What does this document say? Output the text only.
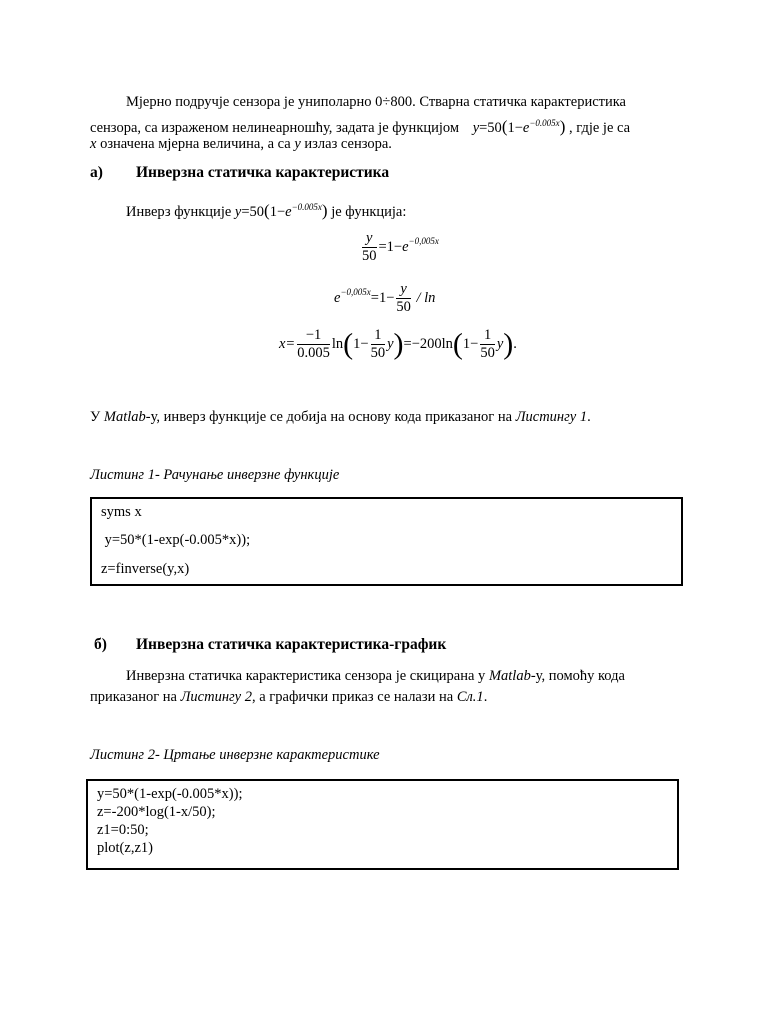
Мјерно подручје сензора је униполарно 0÷800. Стварна статичка карактеристика
сензора, са израженом нелинеарношћу, задата је функцијом $y=50(1-e^{-0.005x})$ , гдје је са
x означена мјерна величина, а са y излаз сензора.
а) Инверзна статичка карактеристика
Инверз функције $y=50(1-e^{-0.005x})$ је функција:
$\frac{y}{50} =1-e^{-0,005x}$
$e^{-0,005x}=1- \frac{y}{50} / \ln$
$x= \frac{-1}{0.005} \ln(1- \frac{1}{50} y)=-200\ln(1- \frac{1}{50} y)$.
У Matlab-у, инверз функције се добија на основу кода приказаног на Листингу 1.
Листинг 1- Рачунање инверзне функције
syms x
y=50*(1-exp(-0.005*x));
z=finverse(y,x)
б) Инверзна статичка карактеристика-график
Инверзна статичка карактеристика сензора је скицирана у Matlab-у, помоћу кода
приказаног на Листингу 2, а графички приказ се налази на Сл.1.
Листинг 2- Цртање инверзне карактеристике
y=50*(1-exp(-0.005*x));
z=-200*log(1-x/50);
z1=0:50;
plot(z,z1)
